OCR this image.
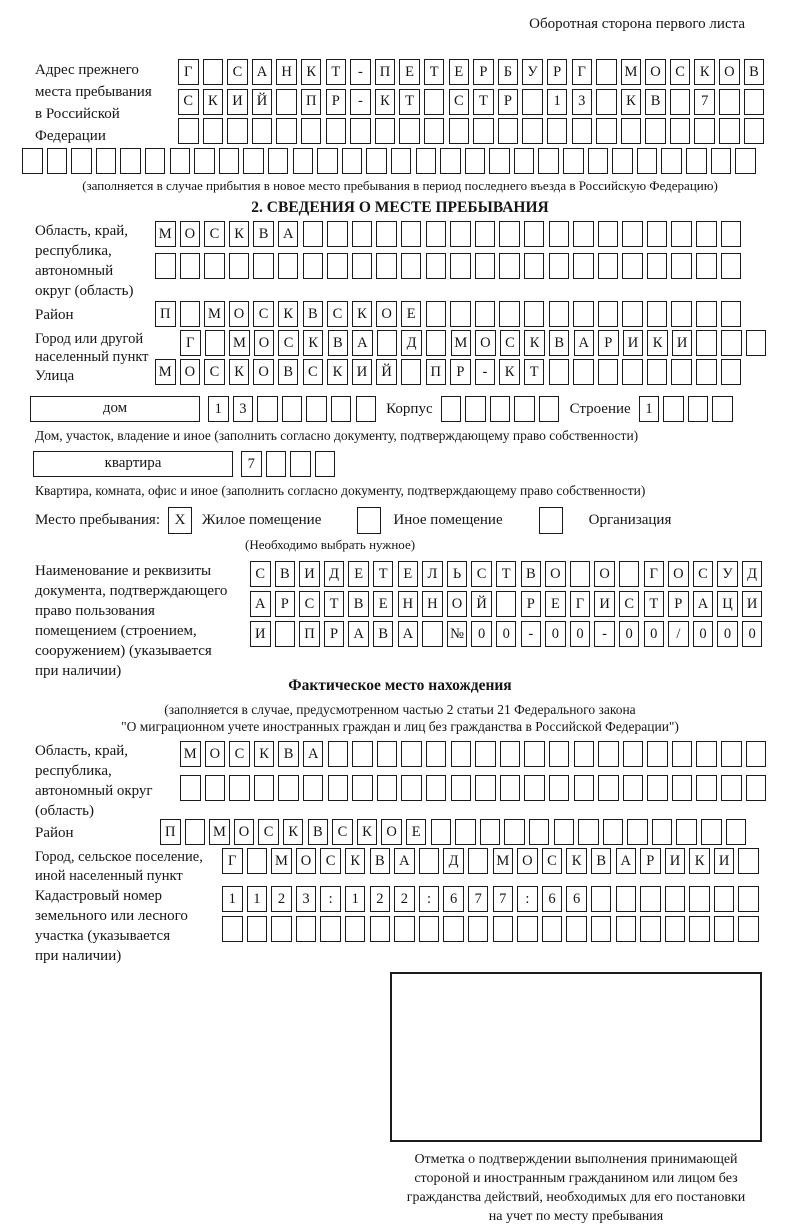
Оборотная сторона первого листа
Адрес прежнего
места пребывания
в Российской
Федерации
Г	С	А Н	К	Т	-	П	Е	Т	Е	Р	Б	У	Р	Г	М О	С	К	О	В
С	К	И Й	П	Р	-	К	Т	С	Т	Р	1	3	К	В	7
(заполняется в случае прибытия в новое место пребывания в период последнего въезда в Российскую Федерацию)
2. СВЕДЕНИЯ О МЕСТЕ ПРЕБЫВАНИЯ
Область, край,
республика,
автономный
округ (область)
М О	С	К	В	А
Район	П	М О	С	К	В	С	К	О	Е
Город или другой
населенный пункт
Г	М О	С	К	В	А	Д	М О	С	К	В	А	Р	И	К	И
Улица	М О	С	К	О	В	С	К	И Й	П	Р	-	К	Т
дом	1	3	Корпус	Строение	1
Дом, участок, владение и иное (заполнить согласно документу, подтверждающему право собственности)
квартира	7
Квартира, комната, офис и иное (заполнить согласно документу, подтверждающему право собственности)
Место пребывания: X	Жилое помещение	Иное помещение	Организация
(Необходимо выбрать нужное)
Наименование и реквизиты
документа, подтверждающего
право пользования
помещением (строением,
сооружением) (указывается
при наличии)
С	В	И Д	Е	Т	Е	Л	Ь	С	Т	В	О	О	Г	О	С	У	Д
А	Р	С	Т	В	Е	Н Н О Й	Р	Е	Г	И	С	Т	Р	А Ц И
И	П	Р	А	В	А	№ 0	0	-	0	0	-	0	0	/	0	0	0
Фактическое место нахождения
(заполняется в случае, предусмотренном частью 2 статьи 21 Федерального закона
"О миграционном учете иностранных граждан и лиц без гражданства в Российской Федерации")
Область, край,
республика,
автономный округ
(область)
М О	С	К	В	А
Район	П	М О	С	К	В	С	К	О	Е
Город, сельское поселение,
иной населенный пункт
Г	М О	С	К	В	А	Д	М О	С	К	В	А	Р	И	К	И
Кадастровый номер
земельного или лесного
участка (указывается
при наличии)
1	1	2	3	:	1	2	2	:	6	7	7	:	6	6
Отметка о подтверждении выполнения принимающей
стороной и иностранным гражданином или лицом без
гражданства действий, необходимых для его постановки
на учет по месту пребывания
